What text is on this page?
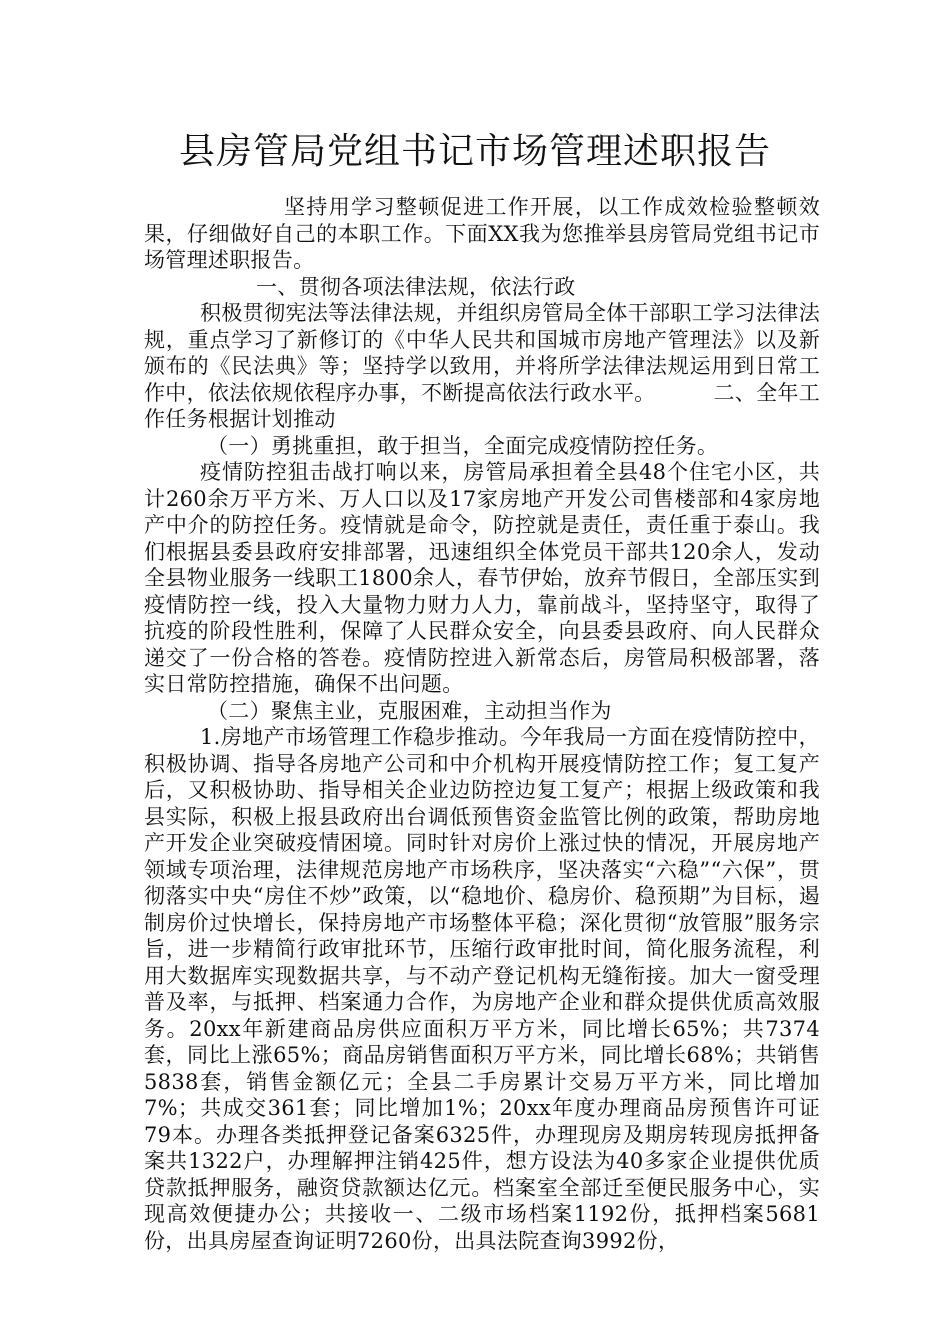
县房管局党组书记市场管理述职报告

坚持用学习整顿促进工作开展，以工作成效检验整顿效果，仔细做好自己的本职工作。下面XX我为您推举县房管局党组书记市场管理述职报告。

一、贯彻各项法律法规，依法行政

积极贯彻宪法等法律法规，并组织房管局全体干部职工学习法律法规，重点学习了新修订的《中华人民共和国城市房地产管理法》以及新颁布的《民法典》等；坚持学以致用，并将所学法律法规运用到日常工作中，依法依规依程序办事，不断提高依法行政水平。	二、全年工作任务根据计划推动

（一）勇挑重担，敢于担当，全面完成疫情防控任务。

疫情防控狙击战打响以来，房管局承担着全县48个住宅小区，共计260余万平方米、万人口以及17家房地产开发公司售楼部和4家房地产中介的防控任务。疫情就是命令，防控就是责任，责任重于泰山。我们根据县委县政府安排部署，迅速组织全体党员干部共120余人，发动全县物业服务一线职工1800余人，春节伊始，放弃节假日，全部压实到疫情防控一线，投入大量物力财力人力，靠前战斗，坚持坚守，取得了抗疫的阶段性胜利，保障了人民群众安全，向县委县政府、向人民群众递交了一份合格的答卷。疫情防控进入新常态后，房管局积极部署，落实日常防控措施，确保不出问题。

（二）聚焦主业，克服困难，主动担当作为

1.房地产市场管理工作稳步推动。今年我局一方面在疫情防控中，积极协调、指导各房地产公司和中介机构开展疫情防控工作；复工复产后，又积极协助、指导相关企业边防控边复工复产；根据上级政策和我县实际，积极上报县政府出台调低预售资金监管比例的政策，帮助房地产开发企业突破疫情困境。同时针对房价上涨过快的情况，开展房地产领域专项治理，法律规范房地产市场秩序，坚决落实“六稳”“六保”，贯彻落实中央“房住不炒”政策，以“稳地价、稳房价、稳预期”为目标，遏制房价过快增长，保持房地产市场整体平稳；深化贯彻“放管服”服务宗旨，进一步精简行政审批环节，压缩行政审批时间，简化服务流程，利用大数据库实现数据共享，与不动产登记机构无缝衔接。加大一窗受理普及率，与抵押、档案通力合作，为房地产企业和群众提供优质高效服务。20xx年新建商品房供应面积万平方米，同比增长65%；共7374套，同比上涨65%；商品房销售面积万平方米，同比增长68%；共销售5838套，销售金额亿元；全县二手房累计交易万平方米，同比增加7%；共成交361套；同比增加1%；20xx年度办理商品房预售许可证79本。办理各类抵押登记备案6325件，办理现房及期房转现房抵押备案共1322户，办理解押注销425件，想方设法为40多家企业提供优质贷款抵押服务，融资贷款额达亿元。档案室全部迁至便民服务中心，实现高效便捷办公；共接收一、二级市场档案1192份，抵押档案5681份，出具房屋查询证明7260份，出具法院查询3992份，
